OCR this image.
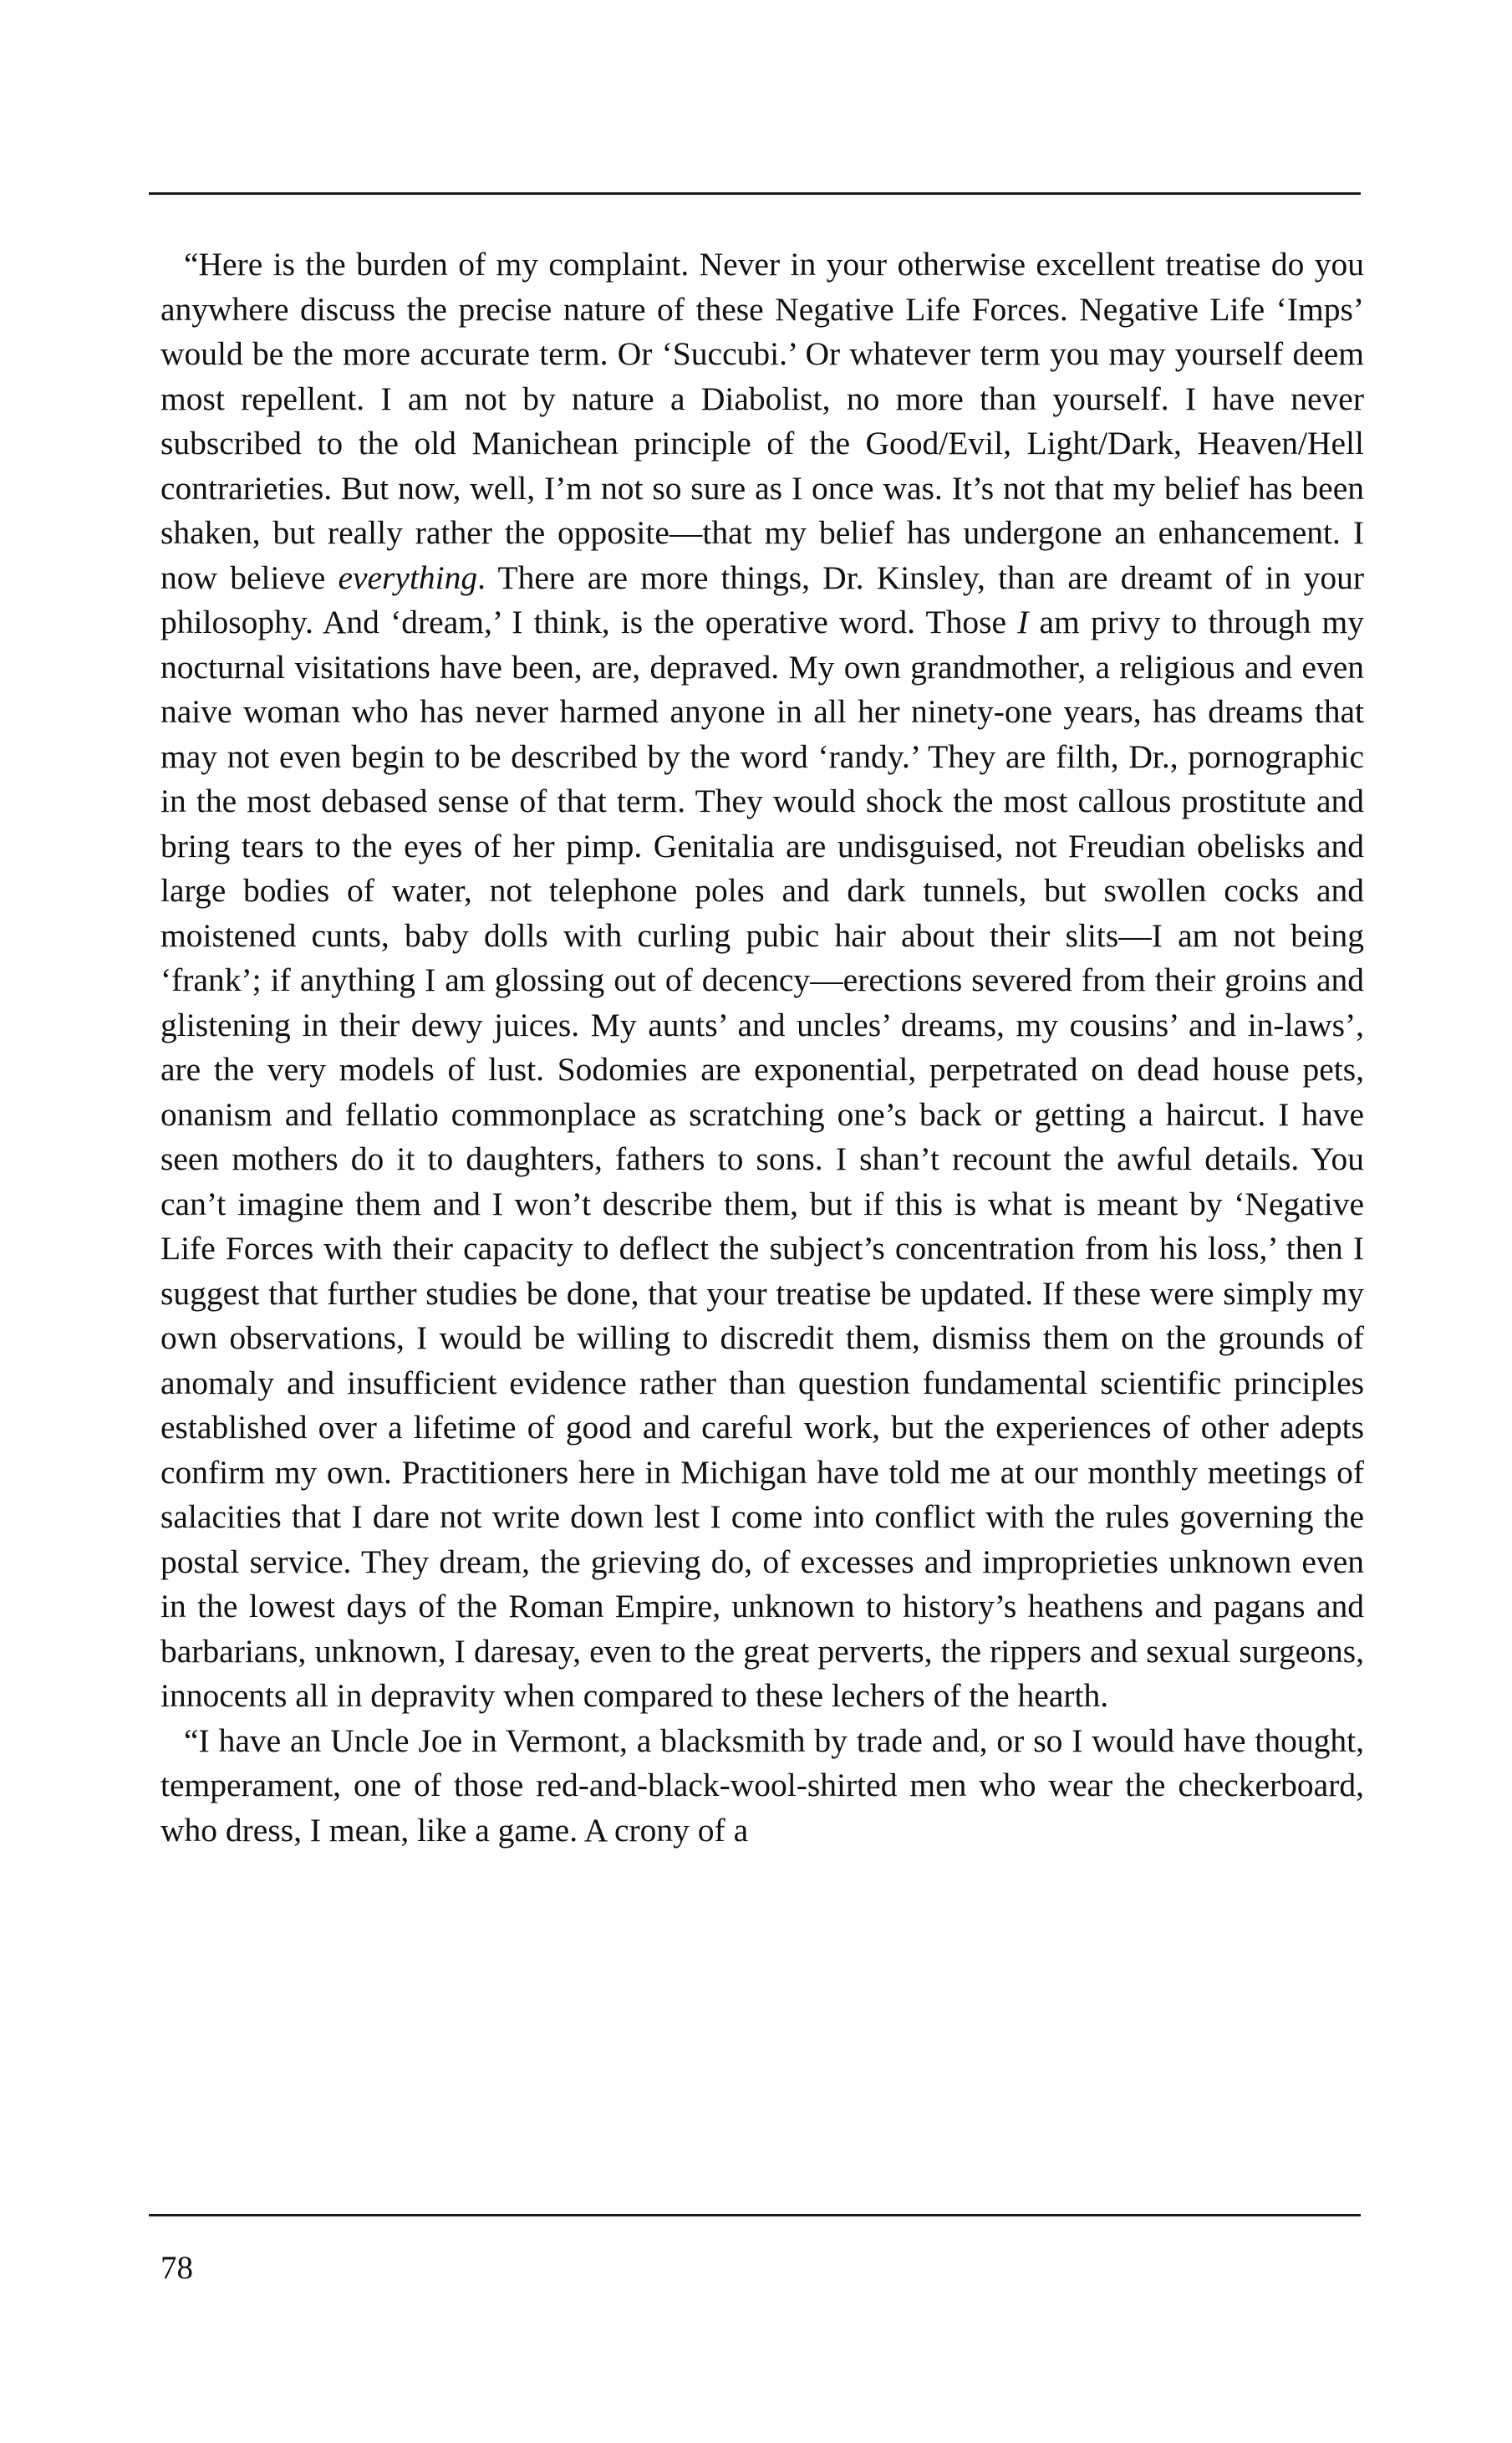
“Here is the burden of my complaint. Never in your otherwise excellent treatise do you anywhere discuss the precise nature of these Negative Life Forces. Negative Life ‘Imps’ would be the more accurate term. Or ‘Succubi.’ Or whatever term you may yourself deem most repellent. I am not by nature a Diabolist, no more than yourself. I have never subscribed to the old Manichean principle of the Good/Evil, Light/Dark, Heaven/Hell contrarieties. But now, well, I’m not so sure as I once was. It’s not that my belief has been shaken, but really rather the opposite—that my belief has undergone an enhancement. I now believe everything. There are more things, Dr. Kinsley, than are dreamt of in your philosophy. And ‘dream,’ I think, is the operative word. Those I am privy to through my nocturnal visitations have been, are, depraved. My own grandmother, a religious and even naive woman who has never harmed anyone in all her ninety-one years, has dreams that may not even begin to be described by the word ‘randy.’ They are filth, Dr., pornographic in the most debased sense of that term. They would shock the most callous prostitute and bring tears to the eyes of her pimp. Genitalia are undisguised, not Freudian obelisks and large bodies of water, not telephone poles and dark tunnels, but swollen cocks and moistened cunts, baby dolls with curling pubic hair about their slits—I am not being ‘frank’; if anything I am glossing out of decency—erections severed from their groins and glistening in their dewy juices. My aunts’ and uncles’ dreams, my cousins’ and in-laws’, are the very models of lust. Sodomies are exponential, perpetrated on dead house pets, onanism and fellatio commonplace as scratching one’s back or getting a haircut. I have seen mothers do it to daughters, fathers to sons. I shan’t recount the awful details. You can’t imagine them and I won’t describe them, but if this is what is meant by ‘Negative Life Forces with their capacity to deflect the subject’s concentration from his loss,’ then I suggest that further studies be done, that your treatise be updated. If these were simply my own observations, I would be willing to discredit them, dismiss them on the grounds of anomaly and insufficient evidence rather than question fundamental scientific principles established over a lifetime of good and careful work, but the experiences of other adepts confirm my own. Practitioners here in Michigan have told me at our monthly meetings of salacities that I dare not write down lest I come into conflict with the rules governing the postal service. They dream, the grieving do, of excesses and improprieties unknown even in the lowest days of the Roman Empire, unknown to history’s heathens and pagans and barbarians, unknown, I daresay, even to the great perverts, the rippers and sexual surgeons, innocents all in depravity when compared to these lechers of the hearth.

“I have an Uncle Joe in Vermont, a blacksmith by trade and, or so I would have thought, temperament, one of those red-and-black-wool-shirted men who wear the checkerboard, who dress, I mean, like a game. A crony of a

78
